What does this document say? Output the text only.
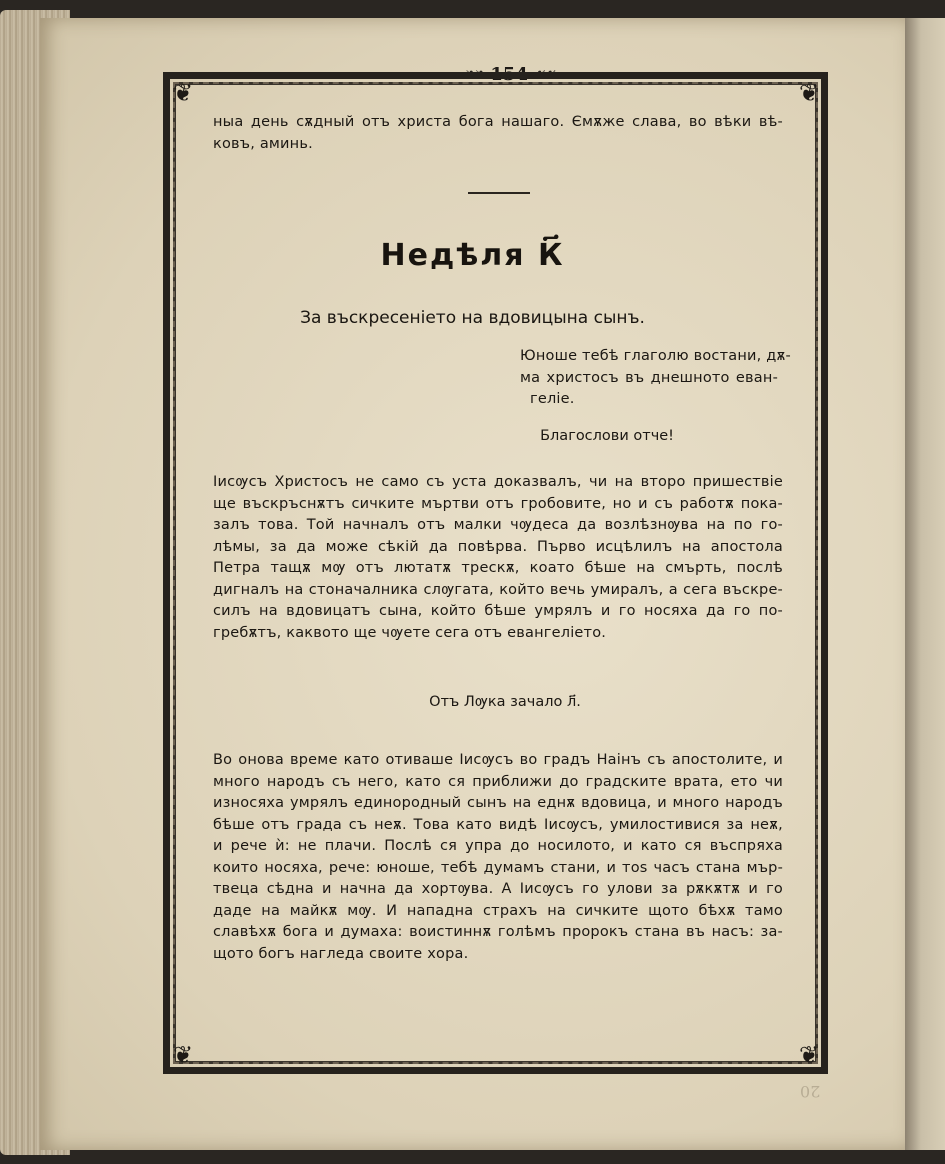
❧❧ 154 ☙☙
❦	❦
❦	❦
ныа день сѫдный отъ христа бога нашаго. Ємѫже слава, во вѣки вѣ-
ковъ, аминь.
Недѣля К҃
За въскресеніето на вдовицына сынъ.
Юноше тебѣ глаголю востани, дѫ-
ма христосъ въ днешното еван-
геліе.
Благослови отче!
Іисѹсъ Христосъ не само съ уста доказвалъ, чи на второ пришествіе
ще въскръснѫтъ сичките мъртви отъ гробовите, но и съ работѫ пока-
залъ това. Той начналъ отъ малки чѹдеса да возлѣзнѹва на по го-
лѣмы, за да може сѣкій да повѣрва. Първо исцѣлилъ на апостола
Петра тащѫ мѹ отъ лютатѫ трескѫ, коато бѣше на смърть, послѣ
дигналъ на стоначалника слѹгата, който вечь умиралъ, а сега въскре-
силъ на вдовицатъ сына, който бѣше умрялъ и го носяха да го по-
гребѫтъ, каквото ще чѹете сега отъ евангеліето.
Отъ Лѹка зачало л҃.
Во онова време като отиваше Іисѹсъ во градъ Наінъ съ апостолите, и
много народъ съ него, като ся приближи до градските врата, ето чи
износяха умрялъ единородный сынъ на еднѫ вдовица, и много народъ
бѣше отъ града съ неѫ. Това като видѣ Іисѹсъ, умилостивися за неѫ,
и рече ѝ: не плачи. Послѣ ся упра до носилото, и като ся въспряха
които носяха, рече: юноше, тебѣ думамъ стани, и тоѕ часъ стана мър-
твеца сѣдна и начна да хортѹва. А Іисѹсъ го улови за рѫкѫтѫ и го
даде на майкѫ мѹ. И нападна страхъ на сичките щото бѣхѫ тамо
славѣхѫ бога и думаха: воистиннѫ голѣмъ пророкъ стана въ насъ: за-
щото богъ нагледа своите хора.
20
